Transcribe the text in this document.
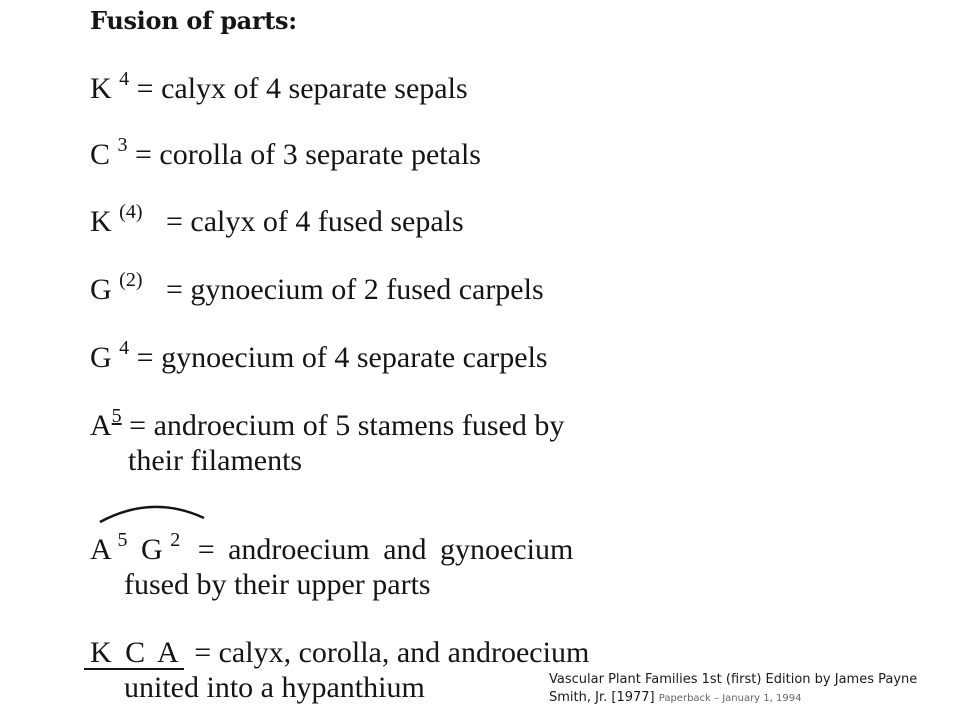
Fusion of parts:
K $^4$ = calyx of 4 separate sepals
C $^3$ = corolla of 3 separate petals
K $^{(4)}$ = calyx of 4 fused sepals
G $^{(2)}$ = gynoecium of 2 fused carpels
G $^4$ = gynoecium of 4 separate carpels
$A^5$ = androecium of 5 stamens fused by
their filaments
A $^5$ G $^2$ = androecium and gynoecium
fused by their upper parts
K C A = calyx, corolla, and androecium
united into a hypanthium	Vascular Plant Families 1st (first) Edition by James Payne Smith, Jr. [1977] Paperback – January 1, 1994
